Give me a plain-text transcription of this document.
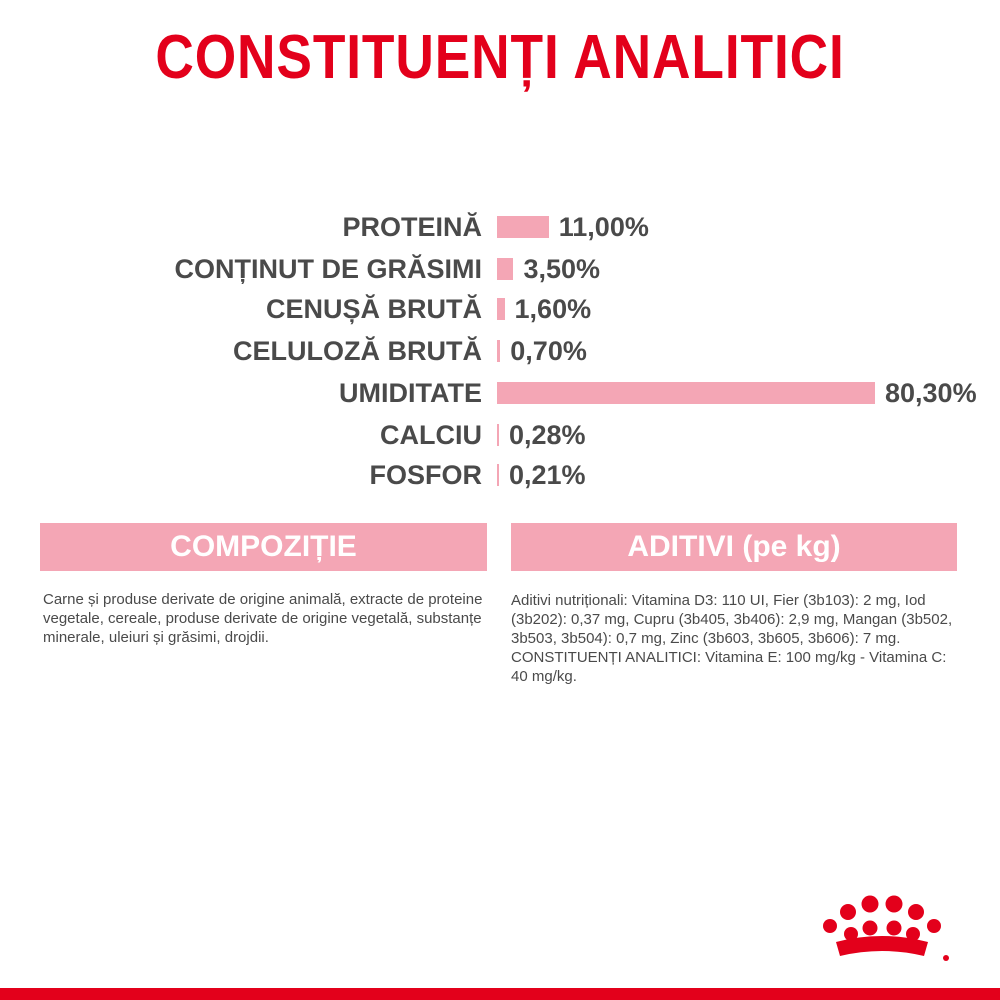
CONSTITUENȚI ANALITICI
PROTEINĂ	11,00%
CONȚINUT DE GRĂSIMI 3,50%
CENUȘĂ BRUTĂ 1,60%
CELULOZĂ BRUTĂ 0,70%
UMIDITATE	80,30%
CALCIU 0,28%
FOSFOR 0,21%
COMPOZIȚIE
Carne și produse derivate de origine animală, extracte de proteine vegetale, cereale, produse derivate de origine vegetală, substanțe minerale, uleiuri și grăsimi, drojdii.
ADITIVI (pe kg)
Aditivi nutriționali: Vitamina D3: 110 UI, Fier (3b103): 2 mg, Iod (3b202): 0,37 mg, Cupru (3b405, 3b406): 2,9 mg, Mangan (3b502, 3b503, 3b504): 0,7 mg, Zinc (3b603, 3b605, 3b606): 7 mg.
CONSTITUENȚI ANALITICI: Vitamina E: 100 mg/kg - Vitamina C: 40 mg/kg.
